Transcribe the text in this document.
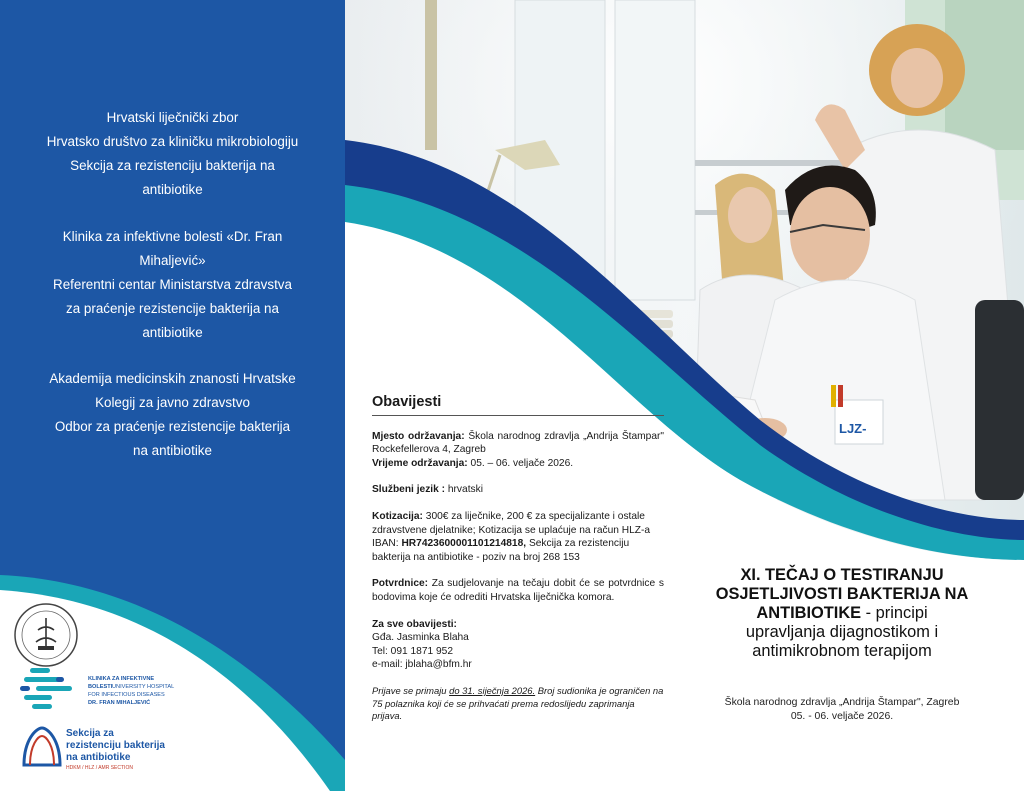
Hrvatski liječnički zbor
Hrvatsko društvo za kliničku mikrobiologiju
Sekcija za rezistenciju bakterija na
antibiotike
Klinika za infektivne bolesti «Dr. Fran
Mihaljević»
Referentni centar Ministarstva zdravstva
za praćenje rezistencije bakterija na
antibiotike
Akademija medicinskih znanosti Hrvatske
Kolegij za javno zdravstvo
Odbor za praćenje rezistencije bakterija
na antibiotike
LJZ-
KLINIKA ZA INFEKTIVNE
BOLESTI UNIVERSITY HOSPITAL
FOR INFECTIOUS DISEASES
DR. FRAN MIHALJEVIĆ
Sekcija za
rezistenciju bakterija
na antibiotike
HDKM / HLZ / AMR SECTION
Obavijesti

Mjesto održavanja: Škola narodnog zdravlja „Andrija Štampar" Rockefellerova 4, Zagreb

Vrijeme održavanja: 05. – 06. veljače 2026.

Službeni jezik : hrvatski

Kotizacija: 300€ za liječnike, 200 € za specijalizante i ostale zdravstvene djelatnike; Kotizacija se uplaćuje na račun HLZ-a IBAN: HR7423600001101214818, Sekcija za rezistenciju bakterija na antibiotike - poziv na broj 268 153

Potvrdnice: Za sudjelovanje na tečaju dobit će se potvrdnice s bodovima koje će odrediti Hrvatska liječnička komora.

Za sve obavijesti:
Gđa. Jasminka Blaha
Tel: 091 1871 952
e-mail: jblaha@bfm.hr

Prijave se primaju do 31. siječnja 2026. Broj sudionika je ograničen na 75 polaznika koji će se prihvaćati prema redoslijedu zaprimanja prijava.

XI. TEČAJ O TESTIRANJU
OSJETLJIVOSTI BAKTERIJA NA
ANTIBIOTIKE - principi
upravljanja dijagnostikom i
antimikrobnom terapijom
Škola narodnog zdravlja „Andrija Štampar", Zagreb
05. - 06. veljače 2026.
